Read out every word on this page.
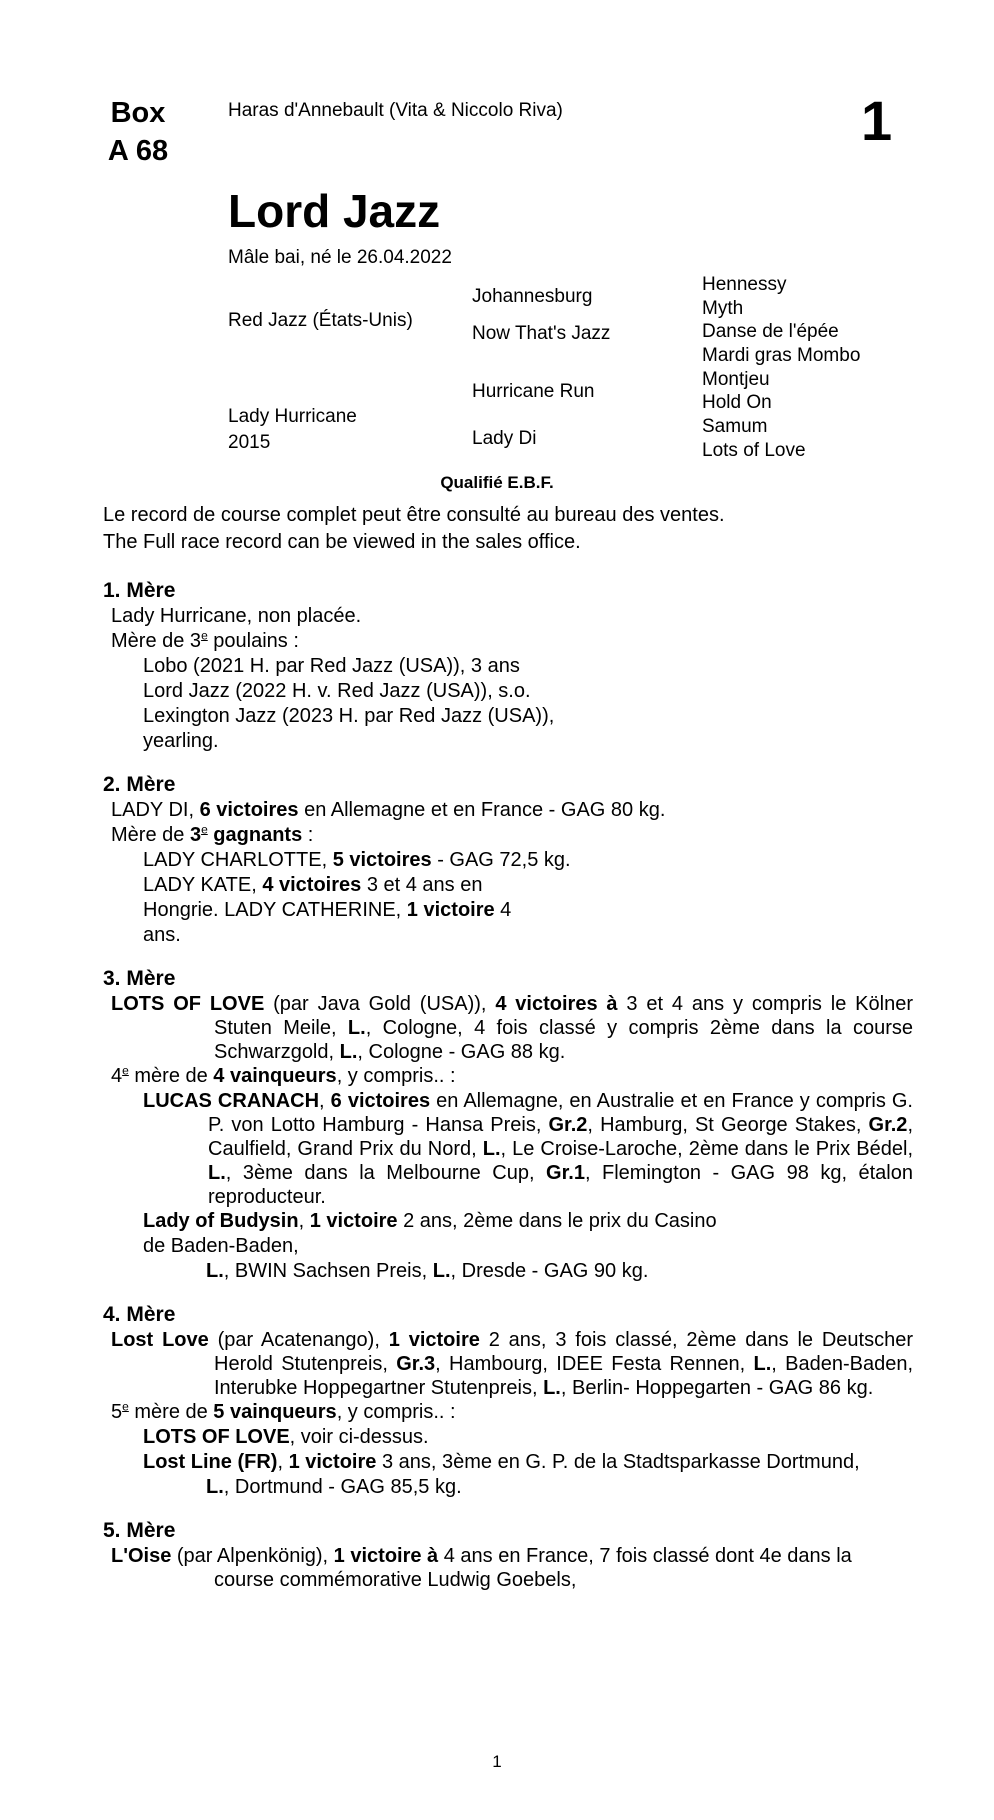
Box
A 68
Haras d'Annebault (Vita & Niccolo Riva)	1
Lord Jazz
Mâle bai, né le 26.04.2022
Red Jazz (États-Unis)
Lady Hurricane
2015
Johannesburg
Now That's Jazz
Hurricane Run
Lady Di
Hennessy
Myth
Danse de l'épée
Mardi gras Mombo
Montjeu
Hold On
Samum
Lots of Love
Qualifié E.B.F.
Le record de course complet peut être consulté au bureau des ventes.
The Full race record can be viewed in the sales office.

1. Mère

Lady Hurricane, non placée.
Mère de 3e poulains :
Lobo (2021 H. par Red Jazz (USA)), 3 ans
Lord Jazz (2022 H. v. Red Jazz (USA)), s.o.
Lexington Jazz (2023 H. par Red Jazz (USA)),
yearling.

2. Mère

LADY DI, 6 victoires en Allemagne et en France - GAG 80 kg.
Mère de 3e gagnants :
LADY CHARLOTTE, 5 victoires - GAG 72,5 kg.
LADY KATE, 4 victoires 3 et 4 ans en
Hongrie. LADY CATHERINE, 1 victoire 4
ans.

3. Mère

LOTS OF LOVE (par Java Gold (USA)), 4 victoires à 3 et 4 ans y compris le Kölner Stuten Meile, L., Cologne, 4 fois classé y compris 2ème dans la course Schwarzgold, L., Cologne - GAG 88 kg.
4e mère de 4 vainqueurs, y compris.. :
LUCAS CRANACH, 6 victoires en Allemagne, en Australie et en France y compris G. P. von Lotto Hamburg - Hansa Preis, Gr.2, Hamburg, St George Stakes, Gr.2, Caulfield, Grand Prix du Nord, L., Le Croise-Laroche, 2ème dans le Prix Bédel, L., 3ème dans la Melbourne Cup, Gr.1, Flemington - GAG 98 kg, étalon reproducteur.
Lady of Budysin, 1 victoire 2 ans, 2ème dans le prix du Casino
de Baden-Baden,
L., BWIN Sachsen Preis, L., Dresde - GAG 90 kg.

4. Mère

Lost Love (par Acatenango), 1 victoire 2 ans, 3 fois classé, 2ème dans le Deutscher Herold Stutenpreis, Gr.3, Hambourg, IDEE Festa Rennen, L., Baden-Baden, Interubke Hoppegartner Stutenpreis, L., Berlin- Hoppegarten - GAG 86 kg.
5e mère de 5 vainqueurs, y compris.. :
LOTS OF LOVE, voir ci-dessus.
Lost Line (FR), 1 victoire 3 ans, 3ème en G. P. de la Stadtsparkasse Dortmund,
L., Dortmund - GAG 85,5 kg.

5. Mère

L'Oise (par Alpenkönig), 1 victoire à 4 ans en France, 7 fois classé dont 4e dans la course commémorative Ludwig Goebels,
1
